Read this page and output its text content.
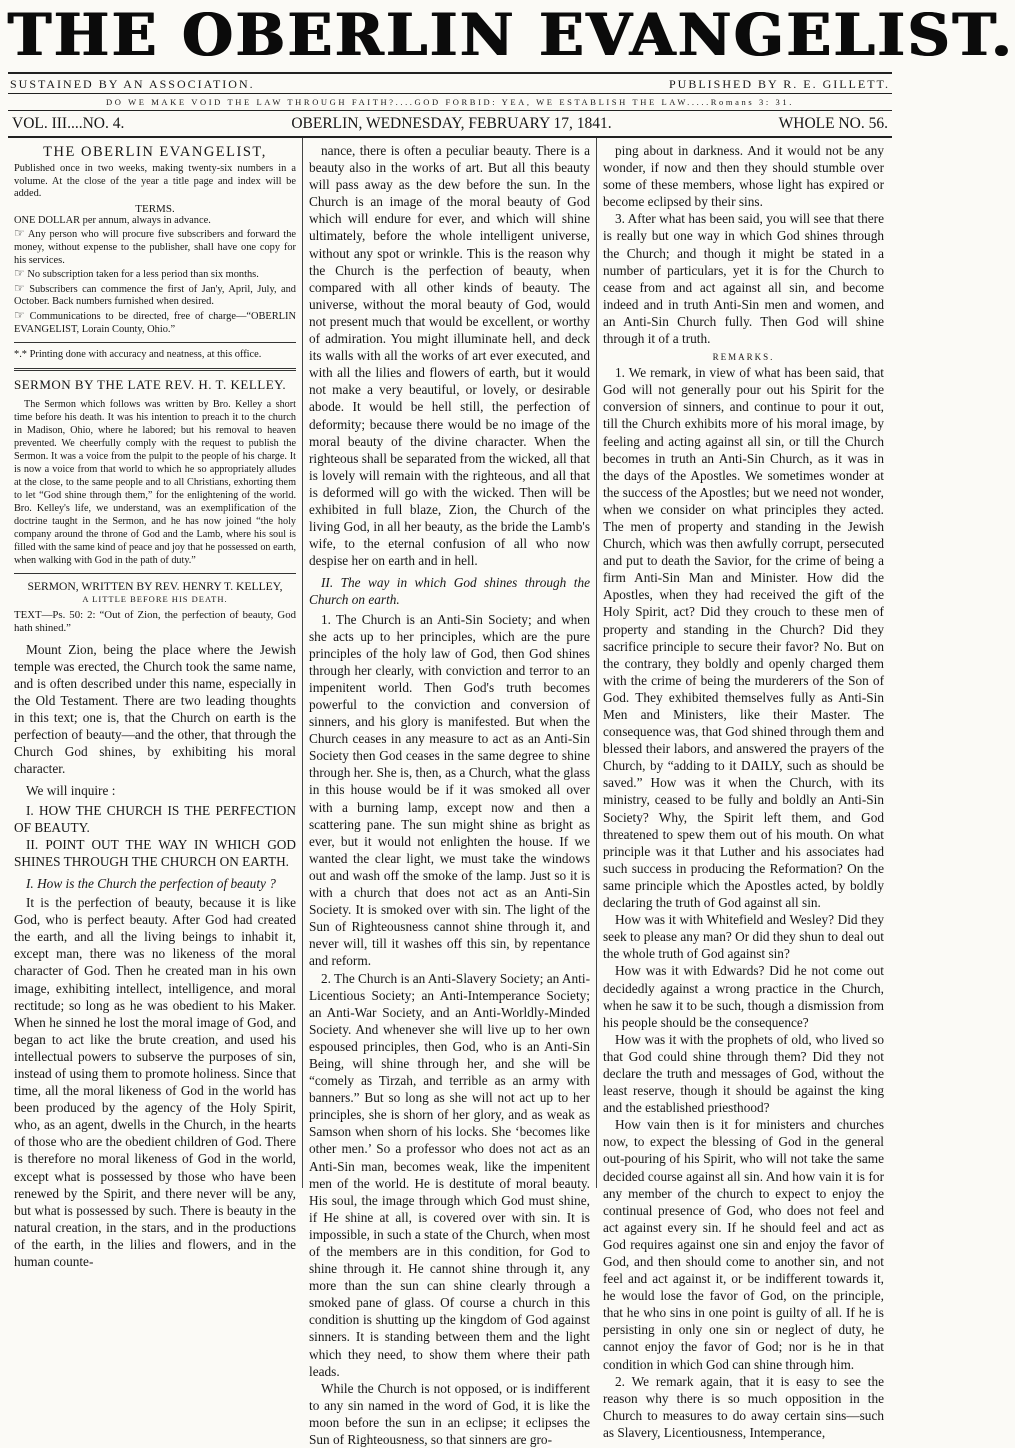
THE OBERLIN EVANGELIST.
SUSTAINED BY AN ASSOCIATION.	PUBLISHED BY R. E. GILLETT.
DO WE MAKE VOID THE LAW THROUGH FAITH?....GOD FORBID: YEA, WE ESTABLISH THE LAW.....Romans 3: 31.
VOL. III....NO. 4.	OBERLIN, WEDNESDAY, FEBRUARY 17, 1841.	WHOLE NO. 56.
THE OBERLIN EVANGELIST,

Published once in two weeks, making twenty-six numbers in a volume. At the close of the year a title page and index will be added.

TERMS.

ONE DOLLAR per annum, always in advance.

☞ Any person who will procure five subscribers and forward the money, without expense to the publisher, shall have one copy for his services.

☞ No subscription taken for a less period than six months.

☞ Subscribers can commence the first of Jan'y, April, July, and October. Back numbers furnished when desired.

☞ Communications to be directed, free of charge—“OBERLIN EVANGELIST, Lorain County, Ohio.”

*.* Printing done with accuracy and neatness, at this office.

SERMON BY THE LATE REV. H. T. KELLEY.

The Sermon which follows was written by Bro. Kelley a short time before his death. It was his intention to preach it to the church in Madison, Ohio, where he labored; but his removal to heaven prevented. We cheerfully comply with the request to publish the Sermon. It was a voice from the pulpit to the people of his charge. It is now a voice from that world to which he so appropriately alludes at the close, to the same people and to all Christians, exhorting them to let “God shine through them,” for the enlightening of the world. Bro. Kelley's life, we understand, was an exemplification of the doctrine taught in the Sermon, and he has now joined “the holy company around the throne of God and the Lamb, where his soul is filled with the same kind of peace and joy that he possessed on earth, when walking with God in the path of duty.”

SERMON, WRITTEN BY REV. HENRY T. KELLEY,
A LITTLE BEFORE HIS DEATH.

TEXT—Ps. 50: 2: “Out of Zion, the perfection of beauty, God hath shined.”

Mount Zion, being the place where the Jewish temple was erected, the Church took the same name, and is often described under this name, especially in the Old Testament. There are two leading thoughts in this text; one is, that the Church on earth is the perfection of beauty—and the other, that through the Church God shines, by exhibiting his moral character.

We will inquire :

I. HOW THE CHURCH IS THE PERFECTION OF BEAUTY.

II. POINT OUT THE WAY IN WHICH GOD SHINES THROUGH THE CHURCH ON EARTH.

I. How is the Church the perfection of beauty ?

It is the perfection of beauty, because it is like God, who is perfect beauty. After God had created the earth, and all the living beings to inhabit it, except man, there was no likeness of the moral character of God. Then he created man in his own image, exhibiting intellect, intelligence, and moral rectitude; so long as he was obedient to his Maker. When he sinned he lost the moral image of God, and began to act like the brute creation, and used his intellectual powers to subserve the purposes of sin, instead of using them to promote holiness. Since that time, all the moral likeness of God in the world has been produced by the agency of the Holy Spirit, who, as an agent, dwells in the Church, in the hearts of those who are the obedient children of God. There is therefore no moral likeness of God in the world, except what is possessed by those who have been renewed by the Spirit, and there never will be any, but what is possessed by such. There is beauty in the natural creation, in the stars, and in the productions of the earth, in the lilies and flowers, and in the human counte-

nance, there is often a peculiar beauty. There is a beauty also in the works of art. But all this beauty will pass away as the dew before the sun. In the Church is an image of the moral beauty of God which will endure for ever, and which will shine ultimately, before the whole intelligent universe, without any spot or wrinkle. This is the reason why the Church is the perfection of beauty, when compared with all other kinds of beauty. The universe, without the moral beauty of God, would not present much that would be excellent, or worthy of admiration. You might illuminate hell, and deck its walls with all the works of art ever executed, and with all the lilies and flowers of earth, but it would not make a very beautiful, or lovely, or desirable abode. It would be hell still, the perfection of deformity; because there would be no image of the moral beauty of the divine character. When the righteous shall be separated from the wicked, all that is lovely will remain with the righteous, and all that is deformed will go with the wicked. Then will be exhibited in full blaze, Zion, the Church of the living God, in all her beauty, as the bride the Lamb's wife, to the eternal confusion of all who now despise her on earth and in hell.

II. The way in which God shines through the Church on earth.

1. The Church is an Anti-Sin Society; and when she acts up to her principles, which are the pure principles of the holy law of God, then God shines through her clearly, with conviction and terror to an impenitent world. Then God's truth becomes powerful to the conviction and conversion of sinners, and his glory is manifested. But when the Church ceases in any measure to act as an Anti-Sin Society then God ceases in the same degree to shine through her. She is, then, as a Church, what the glass in this house would be if it was smoked all over with a burning lamp, except now and then a scattering pane. The sun might shine as bright as ever, but it would not enlighten the house. If we wanted the clear light, we must take the windows out and wash off the smoke of the lamp. Just so it is with a church that does not act as an Anti-Sin Society. It is smoked over with sin. The light of the Sun of Righteousness cannot shine through it, and never will, till it washes off this sin, by repentance and reform.

2. The Church is an Anti-Slavery Society; an Anti-Licentious Society; an Anti-Intemperance Society; an Anti-War Society, and an Anti-Worldly-Minded Society. And whenever she will live up to her own espoused principles, then God, who is an Anti-Sin Being, will shine through her, and she will be “comely as Tirzah, and terrible as an army with banners.” But so long as she will not act up to her principles, she is shorn of her glory, and as weak as Samson when shorn of his locks. She ‘becomes like other men.’ So a professor who does not act as an Anti-Sin man, becomes weak, like the impenitent men of the world. He is destitute of moral beauty. His soul, the image through which God must shine, if He shine at all, is covered over with sin. It is impossible, in such a state of the Church, when most of the members are in this condition, for God to shine through it. He cannot shine through it, any more than the sun can shine clearly through a smoked pane of glass. Of course a church in this condition is shutting up the kingdom of God against sinners. It is standing between them and the light which they need, to show them where their path leads.

While the Church is not opposed, or is indifferent to any sin named in the word of God, it is like the moon before the sun in an eclipse; it eclipses the Sun of Righteousness, so that sinners are gro-

ping about in darkness. And it would not be any wonder, if now and then they should stumble over some of these members, whose light has expired or become eclipsed by their sins.

3. After what has been said, you will see that there is really but one way in which God shines through the Church; and though it might be stated in a number of particulars, yet it is for the Church to cease from and act against all sin, and become indeed and in truth Anti-Sin men and women, and an Anti-Sin Church fully. Then God will shine through it of a truth.

REMARKS.

1. We remark, in view of what has been said, that God will not generally pour out his Spirit for the conversion of sinners, and continue to pour it out, till the Church exhibits more of his moral image, by feeling and acting against all sin, or till the Church becomes in truth an Anti-Sin Church, as it was in the days of the Apostles. We sometimes wonder at the success of the Apostles; but we need not wonder, when we consider on what principles they acted. The men of property and standing in the Jewish Church, which was then awfully corrupt, persecuted and put to death the Savior, for the crime of being a firm Anti-Sin Man and Minister. How did the Apostles, when they had received the gift of the Holy Spirit, act? Did they crouch to these men of property and standing in the Church? Did they sacrifice principle to secure their favor? No. But on the contrary, they boldly and openly charged them with the crime of being the murderers of the Son of God. They exhibited themselves fully as Anti-Sin Men and Ministers, like their Master. The consequence was, that God shined through them and blessed their labors, and answered the prayers of the Church, by “adding to it DAILY, such as should be saved.” How was it when the Church, with its ministry, ceased to be fully and boldly an Anti-Sin Society? Why, the Spirit left them, and God threatened to spew them out of his mouth. On what principle was it that Luther and his associates had such success in producing the Reformation? On the same principle which the Apostles acted, by boldly declaring the truth of God against all sin.

How was it with Whitefield and Wesley? Did they seek to please any man? Or did they shun to deal out the whole truth of God against sin?

How was it with Edwards? Did he not come out decidedly against a wrong practice in the Church, when he saw it to be such, though a dismission from his people should be the consequence?

How was it with the prophets of old, who lived so that God could shine through them? Did they not declare the truth and messages of God, without the least reserve, though it should be against the king and the established priesthood?

How vain then is it for ministers and churches now, to expect the blessing of God in the general out-pouring of his Spirit, who will not take the same decided course against all sin. And how vain it is for any member of the church to expect to enjoy the continual presence of God, who does not feel and act against every sin. If he should feel and act as God requires against one sin and enjoy the favor of God, and then should come to another sin, and not feel and act against it, or be indifferent towards it, he would lose the favor of God, on the principle, that he who sins in one point is guilty of all. If he is persisting in only one sin or neglect of duty, he cannot enjoy the favor of God; nor is he in that condition in which God can shine through him.

2. We remark again, that it is easy to see the reason why there is so much opposition in the Church to measures to do away certain sins—such as Slavery, Licentiousness, Intemperance,
